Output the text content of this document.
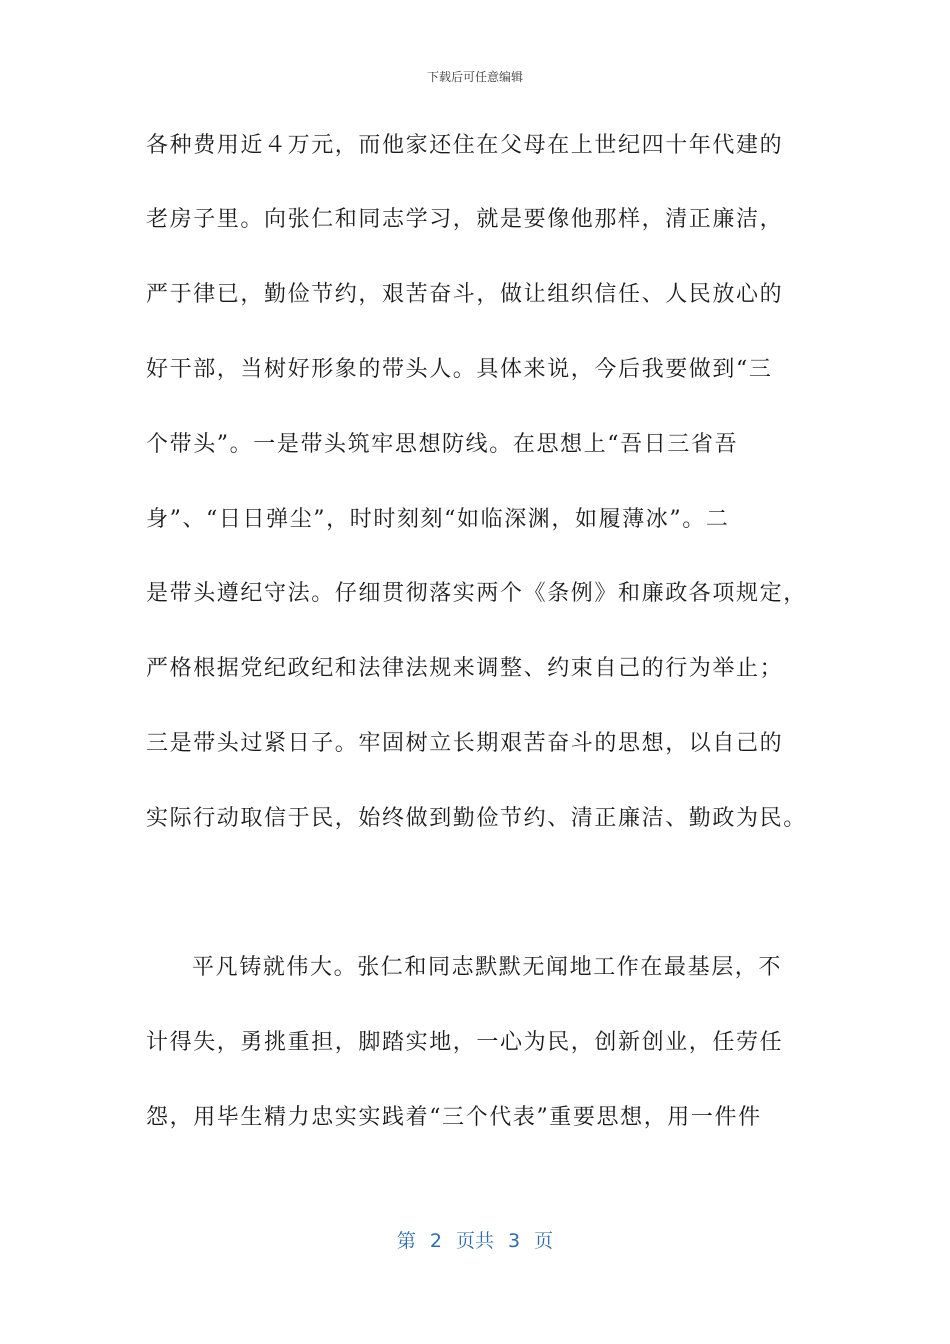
下载后可任意编辑
各种费用近４万元，而他家还住在父母在上世纪四十年代建的
老房子里。向张仁和同志学习，就是要像他那样，清正廉洁，
严于律已，勤俭节约，艰苦奋斗，做让组织信任、人民放心的
好干部，当树好形象的带头人。具体来说，今后我要做到“三
个带头”。一是带头筑牢思想防线。在思想上“吾日三省吾
身”、“日日弹尘”，时时刻刻“如临深渊，如履薄冰”。二
是带头遵纪守法。仔细贯彻落实两个《条例》和廉政各项规定，
严格根据党纪政纪和法律法规来调整、约束自己的行为举止；
三是带头过紧日子。牢固树立长期艰苦奋斗的思想，以自己的
实际行动取信于民，始终做到勤俭节约、清正廉洁、勤政为民。
平凡铸就伟大。张仁和同志默默无闻地工作在最基层，不
计得失，勇挑重担，脚踏实地，一心为民，创新创业，任劳任
怨，用毕生精力忠实实践着“三个代表”重要思想，用一件件
第 2 页共 3 页
